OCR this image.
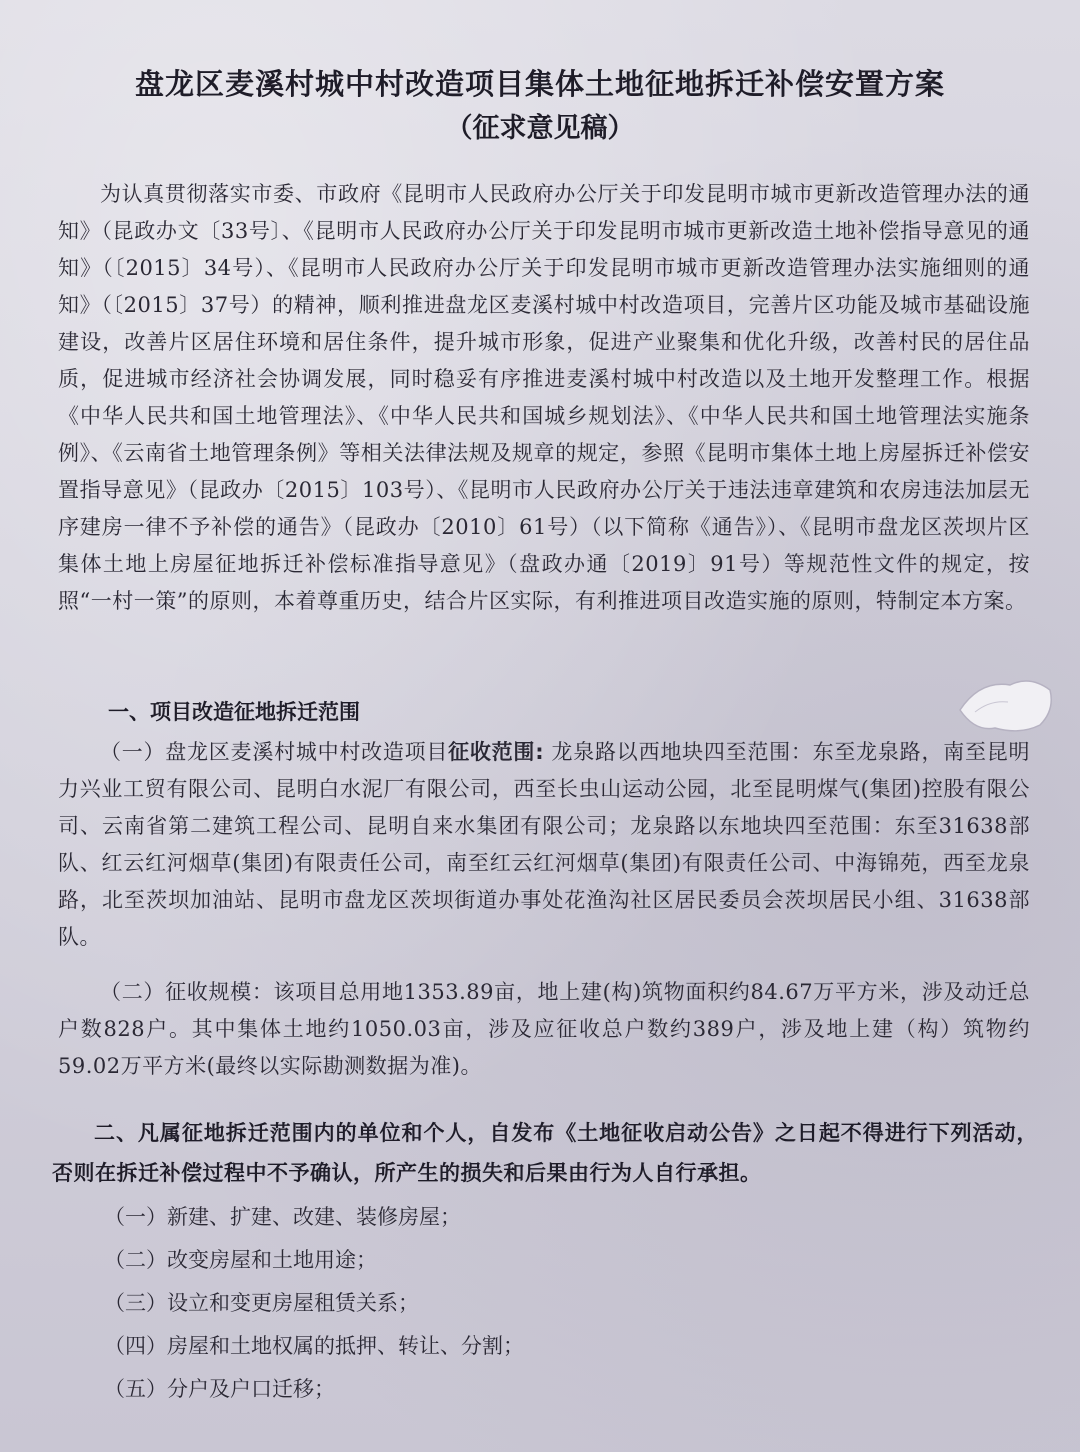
盘龙区麦溪村城中村改造项目集体土地征地拆迁补偿安置方案
（征求意见稿）

为认真贯彻落实市委、市政府《昆明市人民政府办公厅关于印发昆明市城市更新改造管理办法的通知》（昆政办文〔33号〕、《昆明市人民政府办公厅关于印发昆明市城市更新改造土地补偿指导意见的通知》（〔2015〕34号）、《昆明市人民政府办公厅关于印发昆明市城市更新改造管理办法实施细则的通知》（〔2015〕37号）的精神，顺利推进盘龙区麦溪村城中村改造项目，完善片区功能及城市基础设施建设，改善片区居住环境和居住条件，提升城市形象，促进产业聚集和优化升级，改善村民的居住品质，促进城市经济社会协调发展，同时稳妥有序推进麦溪村城中村改造以及土地开发整理工作。根据《中华人民共和国土地管理法》、《中华人民共和国城乡规划法》、《中华人民共和国土地管理法实施条例》、《云南省土地管理条例》等相关法律法规及规章的规定，参照《昆明市集体土地上房屋拆迁补偿安置指导意见》（昆政办〔2015〕103号）、《昆明市人民政府办公厅关于违法违章建筑和农房违法加层无序建房一律不予补偿的通告》（昆政办〔2010〕61号）（以下简称《通告》）、《昆明市盘龙区茨坝片区集体土地上房屋征地拆迁补偿标准指导意见》（盘政办通〔2019〕91号）等规范性文件的规定，按照“一村一策”的原则，本着尊重历史，结合片区实际，有利推进项目改造实施的原则，特制定本方案。

一、项目改造征地拆迁范围

（一）盘龙区麦溪村城中村改造项目征收范围: 龙泉路以西地块四至范围：东至龙泉路，南至昆明力兴业工贸有限公司、昆明白水泥厂有限公司，西至长虫山运动公园，北至昆明煤气(集团)控股有限公司、云南省第二建筑工程公司、昆明自来水集团有限公司；龙泉路以东地块四至范围：东至31638部队、红云红河烟草(集团)有限责任公司，南至红云红河烟草(集团)有限责任公司、中海锦苑，西至龙泉路，北至茨坝加油站、昆明市盘龙区茨坝街道办事处花渔沟社区居民委员会茨坝居民小组、31638部队。

（二）征收规模：该项目总用地1353.89亩，地上建(构)筑物面积约84.67万平方米，涉及动迁总户数828户。其中集体土地约1050.03亩，涉及应征收总户数约389户，涉及地上建（构）筑物约59.02万平方米(最终以实际勘测数据为准)。

二、凡属征地拆迁范围内的单位和个人，自发布《土地征收启动公告》之日起不得进行下列活动，否则在拆迁补偿过程中不予确认，所产生的损失和后果由行为人自行承担。

（一）新建、扩建、改建、装修房屋；
（二）改变房屋和土地用途；
（三）设立和变更房屋租赁关系；
（四）房屋和土地权属的抵押、转让、分割；
（五）分户及户口迁移；
